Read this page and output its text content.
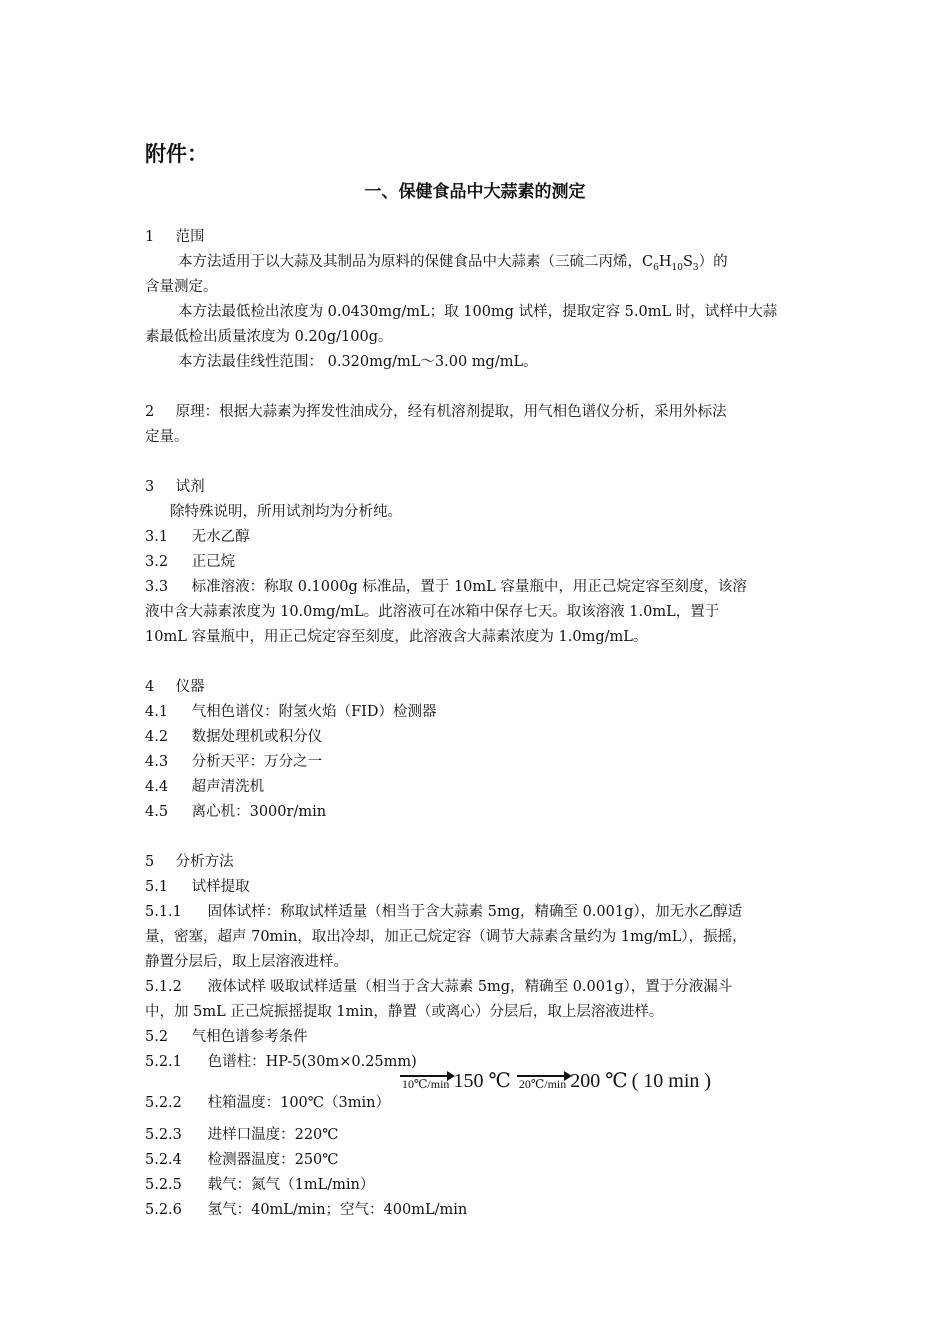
附件：
一、保健食品中大蒜素的测定
1 范围
本方法适用于以大蒜及其制品为原料的保健食品中大蒜素（三硫二丙烯，$C_6H_{10}S_3$）的
含量测定。
本方法最低检出浓度为 0.0430mg/mL；取 100mg 试样，提取定容 5.0mL 时，试样中大蒜
素最低检出质量浓度为 0.20g/100g。
本方法最佳线性范围： 0.320mg/mL～3.00 mg/mL。
2 原理：根据大蒜素为挥发性油成分，经有机溶剂提取，用气相色谱仪分析，采用外标法
定量。
3 试剂
除特殊说明，所用试剂均为分析纯。
3.1 无水乙醇
3.2 正己烷
3.3 标准溶液：称取 0.1000g 标准品，置于 10mL 容量瓶中，用正己烷定容至刻度，该溶
液中含大蒜素浓度为 10.0mg/mL。此溶液可在冰箱中保存七天。取该溶液 1.0mL，置于
10mL 容量瓶中，用正己烷定容至刻度，此溶液含大蒜素浓度为 1.0mg/mL。
4 仪器
4.1 气相色谱仪：附氢火焰（FID）检测器
4.2 数据处理机或积分仪
4.3 分析天平：万分之一
4.4 超声清洗机
4.5 离心机：3000r/min
5 分析方法
5.1 试样提取
5.1.1 固体试样：称取试样适量（相当于含大蒜素 5mg，精确至 0.001g），加无水乙醇适
量，密塞，超声 70min，取出冷却，加正己烷定容（调节大蒜素含量约为 1mg/mL），振摇，
静置分层后，取上层溶液进样。
5.1.2 液体试样 吸取试样适量（相当于含大蒜素 5mg，精确至 0.001g），置于分液漏斗
中，加 5mL 正己烷振摇提取 1min，静置（或离心）分层后，取上层溶液进样。
5.2 气相色谱参考条件
5.2.1 色谱柱：HP-5(30m×0.25mm)
5.2.2 柱箱温度：100℃（3min）
10℃/min 150 ℃ 20℃/min 200 ℃ ( 10 min )
5.2.3 进样口温度：220℃
5.2.4 检测器温度：250℃
5.2.5 载气：氮气（1mL/min）
5.2.6 氢气：40mL/min；空气：400mL/min
